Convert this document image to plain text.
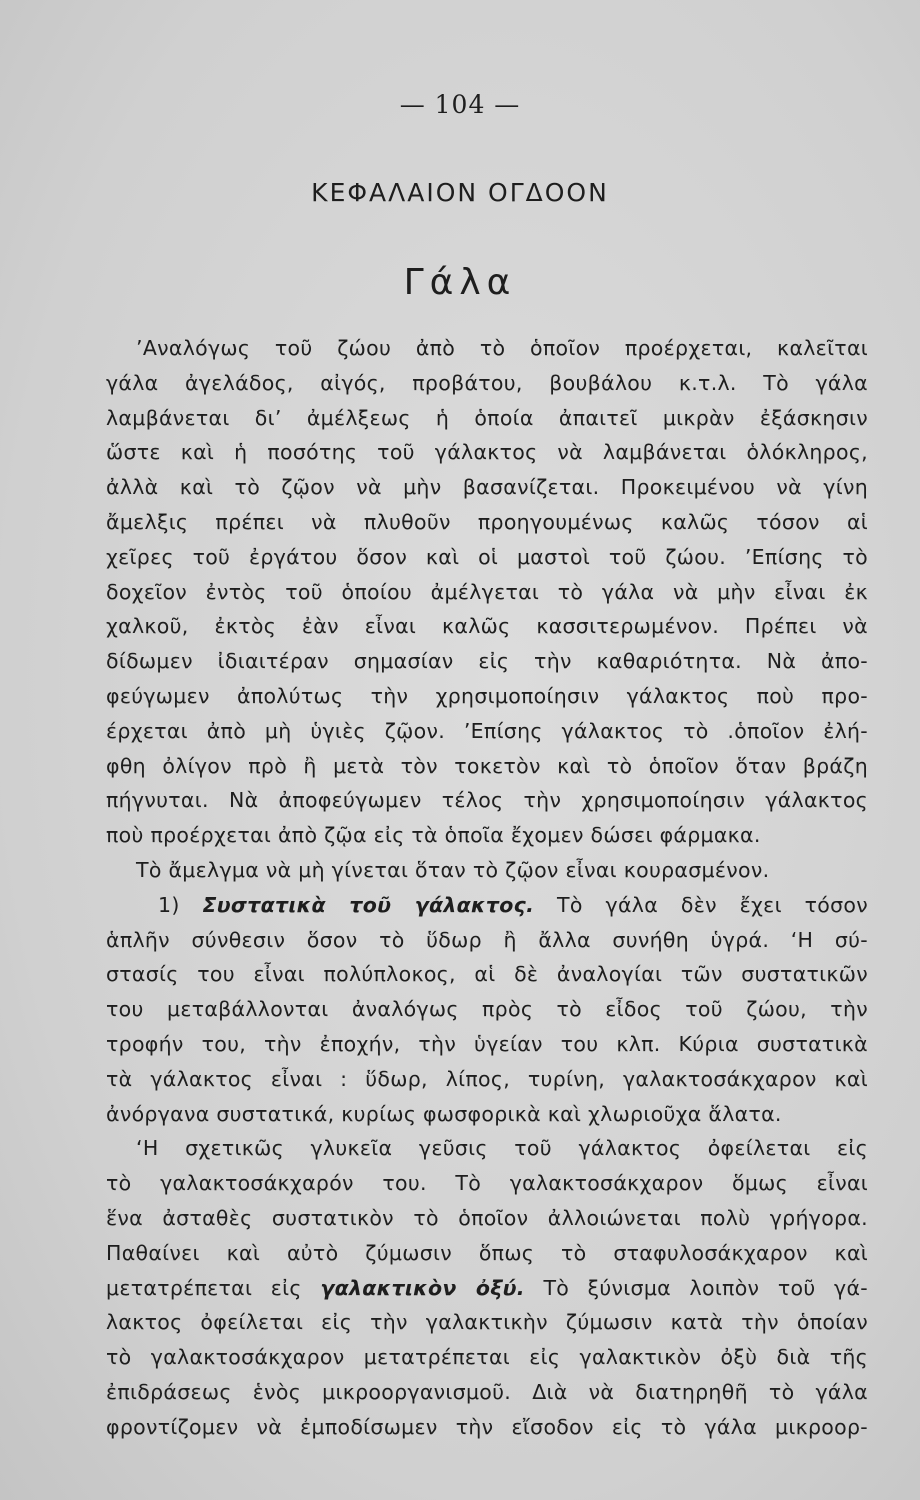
— 104 —
ΚΕΦΑΛΑΙΟΝ ΟΓΔΟΟΝ
Γάλα
’Αναλόγως τοῦ ζώου ἀπὸ τὸ ὁποῖον προέρχεται, καλεῖται
γάλα ἀγελάδος, αἰγός, προβάτου, βουβάλου κ.τ.λ. Τὸ γάλα
λαμβάνεται δι’ ἀμέλξεως ἡ ὁποία ἀπαιτεῖ μικρὰν ἐξάσκησιν
ὥστε καὶ ἡ ποσότης τοῦ γάλακτος νὰ λαμβάνεται ὁλόκληρος,
ἀλλὰ καὶ τὸ ζῷον νὰ μὴν βασανίζεται. Προκειμένου νὰ γίνη
ἄμελξις πρέπει νὰ πλυθοῦν προηγουμένως καλῶς τόσον αἱ
χεῖρες τοῦ ἐργάτου ὅσον καὶ οἱ μαστοὶ τοῦ ζώου. ’Επίσης τὸ
δοχεῖον ἐντὸς τοῦ ὁποίου ἀμέλγεται τὸ γάλα νὰ μὴν εἶναι ἐκ
χαλκοῦ, ἐκτὸς ἐὰν εἶναι καλῶς κασσιτερωμένον. Πρέπει νὰ
δίδωμεν ἰδιαιτέραν σημασίαν εἰς τὴν καθαριότητα. Νὰ ἀπο-
φεύγωμεν ἀπολύτως τὴν χρησιμοποίησιν γάλακτος ποὺ προ-
έρχεται ἀπὸ μὴ ὑγιὲς ζῷον. ’Επίσης γάλακτος τὸ .ὁποῖον ἐλή-
φθη ὀλίγον πρὸ ἢ μετὰ τὸν τοκετὸν καὶ τὸ ὁποῖον ὅταν βράζη
πήγνυται. Νὰ ἀποφεύγωμεν τέλος τὴν χρησιμοποίησιν γάλακτος
ποὺ προέρχεται ἀπὸ ζῷα εἰς τὰ ὁποῖα ἔχομεν δώσει φάρμακα.
Τὸ ἄμελγμα νὰ μὴ γίνεται ὅταν τὸ ζῷον εἶναι κουρασμένον.
1) Συστατικὰ τοῦ γάλακτος. Τὸ γάλα δὲν ἔχει τόσον
ἁπλῆν σύνθεσιν ὅσον τὸ ὕδωρ ἢ ἄλλα συνήθη ὑγρά. ‘Η σύ-
στασίς του εἶναι πολύπλοκος, αἱ δὲ ἀναλογίαι τῶν συστατικῶν
του μεταβάλλονται ἀναλόγως πρὸς τὸ εἶδος τοῦ ζώου, τὴν
τροφήν του, τὴν ἐποχήν, τὴν ὑγείαν του κλπ. Κύρια συστατικὰ
τὰ γάλακτος εἶναι : ὕδωρ, λίπος, τυρίνη, γαλακτοσάκχαρον καὶ
ἀνόργανα συστατικά, κυρίως φωσφορικὰ καὶ χλωριοῦχα ἅλατα.
‘Η σχετικῶς γλυκεῖα γεῦσις τοῦ γάλακτος ὀφείλεται εἰς
τὸ γαλακτοσάκχαρόν του. Τὸ γαλακτοσάκχαρον ὅμως εἶναι
ἕνα ἀσταθὲς συστατικὸν τὸ ὁποῖον ἀλλοιώνεται πολὺ γρήγορα.
Παθαίνει καὶ αὐτὸ ζύμωσιν ὅπως τὸ σταφυλοσάκχαρον καὶ
μετατρέπεται εἰς γαλακτικὸν ὀξύ. Τὸ ξύνισμα λοιπὸν τοῦ γά-
λακτος ὀφείλεται εἰς τὴν γαλακτικὴν ζύμωσιν κατὰ τὴν ὁποίαν
τὸ γαλακτοσάκχαρον μετατρέπεται εἰς γαλακτικὸν ὀξὺ διὰ τῆς
ἐπιδράσεως ἑνὸς μικροοργανισμοῦ. Διὰ νὰ διατηρηθῆ τὸ γάλα
φροντίζομεν νὰ ἐμποδίσωμεν τὴν εἴσοδον εἰς τὸ γάλα μικροορ-
